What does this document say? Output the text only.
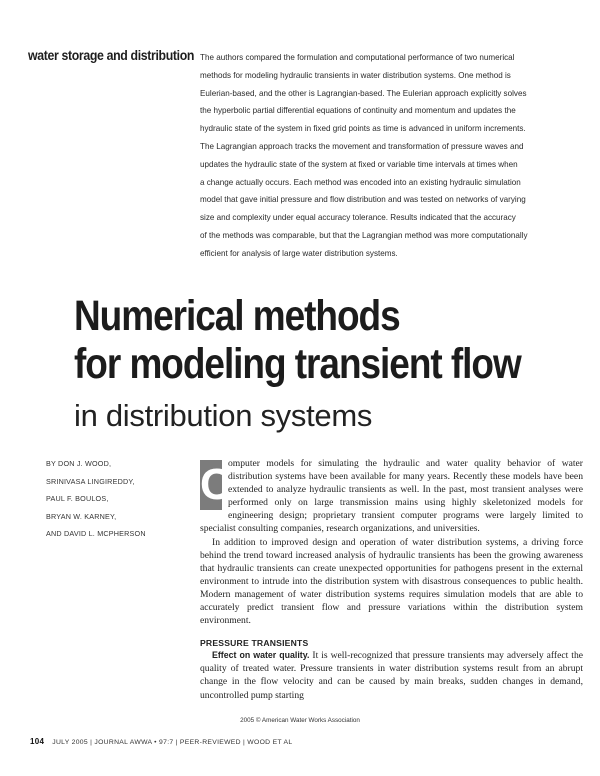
water storage and distribution The authors compared the formulation and computational performance of two numerical
methods for modeling hydraulic transients in water distribution systems. One method is
Eulerian-based, and the other is Lagrangian-based. The Eulerian approach explicitly solves
the hyperbolic partial differential equations of continuity and momentum and updates the
hydraulic state of the system in fixed grid points as time is advanced in uniform increments.
The Lagrangian approach tracks the movement and transformation of pressure waves and
updates the hydraulic state of the system at fixed or variable time intervals at times when
a change actually occurs. Each method was encoded into an existing hydraulic simulation
model that gave initial pressure and flow distribution and was tested on networks of varying
size and complexity under equal accuracy tolerance. Results indicated that the accuracy
of the methods was comparable, but that the Lagrangian method was more computationally
efficient for analysis of large water distribution systems.
Numerical methods
for modeling transient flow
in distribution systems
BY DON J. WOOD,
SRINIVASA LINGIREDDY,
PAUL F. BOULOS,
BRYAN W. KARNEY,
AND DAVID L. MCPHERSON

C
omputer models for simulating the hydraulic and water quality behavior of water distribution systems have been available for many years. Recently these models have been extended to analyze hydraulic transients as well. In the past, most transient analyses were performed only on large transmission mains using highly skeletonized models for engineering design; proprietary transient computer programs were largely limited to specialist consulting companies, research organizations, and universities.

In addition to improved design and operation of water distribution systems, a driving force behind the trend toward increased analysis of hydraulic transients has been the growing awareness that hydraulic transients can create unexpected opportunities for pathogens present in the external environment to intrude into the distribution system with disastrous consequences to public health. Modern management of water distribution systems requires simulation models that are able to accurately predict transient flow and pressure variations within the distribution system environment.

PRESSURE TRANSIENTS

Effect on water quality. It is well-recognized that pressure transients may adversely affect the quality of treated water. Pressure transients in water distribution systems result from an abrupt change in the flow velocity and can be caused by main breaks, sudden changes in demand, uncontrolled pump starting

2005 © American Water Works Association
104 JULY 2005 | JOURNAL AWWA • 97:7 | PEER-REVIEWED | WOOD ET AL
